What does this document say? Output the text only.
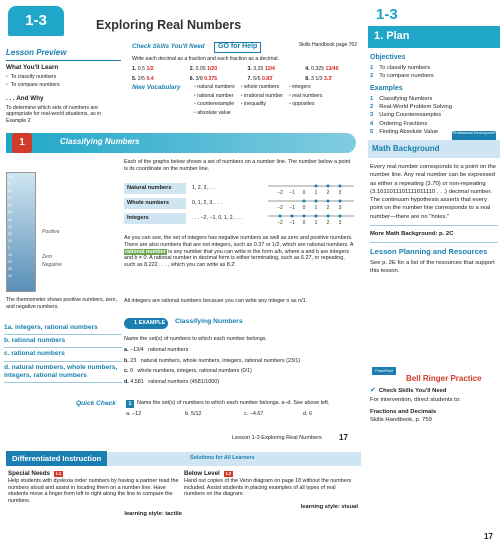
1-3	Exploring Real Numbers
Lesson Preview
What You'll Learn
• To classify numbers
• To compare numbers
. . . And Why
To determine which sets of numbers are appropriate for real-world situations, as in Example 2
Check Skills You'll Need GO for Help	Skills Handbook page 762
Write each decimal as a fraction and each fraction as a decimal.
1. 0.5 1/2	2. 0.05 1/20	3. 3.25 13/4	4. 0.325 13/40
5. 2/5 0.4	6. 3/8 0.375	7. 5/6 0.83̄	8. 3 1/3 3.3̄
New Vocabulary	• natural numbers	• whole numbers	• integers
• rational number	• irrational number	• real numbers
• counterexample	• inequality	• opposites
• absolute value
1	Classifying Numbers
100
90
80
70
60
50
40
30
20
10
0
10
20
30
40
Positive
Zero
Negative
The thermometer shows positive numbers, zero, and negative numbers.
1a. integers, rational numbers
b. rational numbers
c. rational numbers
d. natural numbers, whole numbers, integers, rational numbers
Each of the graphs below shows a set of numbers on a number line. The number below a point is its coordinate on the number line.
Natural numbers	1, 2, 3, . . .
−2 −1 0 1 2 3
Whole numbers	0, 1, 2, 3, . . .
−2 −1 0 1 2 3
Integers	. . . −2, −1, 0, 1, 2, . . .
−2 −1 0 1 2 3
As you can see, the set of integers has negative numbers as well as zero and positive numbers. There are also numbers that are not integers, such as 0.37 or 1/2, which are rational numbers. A rational number is any number that you can write in the form a/b, where a and b are integers and b ≠ 0. A rational number in decimal form is either terminating, such as 6.27, or repeating, such as 8.222 . . . , which you can write as 8.2̄.
All integers are rational numbers because you can write any integer n as n/1.
1 EXAMPLE	Classifying Numbers
Name the set(s) of numbers to which each number belongs.
a. −13/4 rational numbers
b. 23 natural numbers, whole numbers, integers, rational numbers (23/1)
c. 0 whole numbers, integers, rational numbers (0/1)
d. 4.581 rational numbers (4581/1000)
Quick Check	1	Name the set(s) of numbers to which each number belongs. a–d. See above left.
a. −12	b. 5/12	c. −4.67	d. 6
Lesson 1-3 Exploring Real Numbers 17
Differentiated Instruction	Solutions for All Learners
Special Needs	L1
Help students with dyslexia order numbers by having a partner read the numbers aloud and assist in locating them on a number line. Have students move a finger from left to right along the line to compare the numbers.
learning style: tactile
Below Level	L2
Hand out copies of the Venn diagram on page 18 without the numbers included. Assist students in placing examples of all types of real numbers on the diagram.
learning style: visual
1-3
1. Plan
Objectives
1 To classify numbers
2 To compare numbers
Examples
1 Classifying Numbers
2 Real-World Problem Solving
3 Using Counterexamples
4 Ordering Fractions
5 Finding Absolute Value	Professional Development
Math Background
Every real number corresponds to a point on the number line. Any real number can be expressed as either a repeating (3.7̄0) or non-repeating (3.1011011101111011110 . . .) decimal number. The continuum hypothesis asserts that every point on the number line corresponds to a real number—there are no "holes."
More Math Background: p. 2C
Lesson Planning and Resources
See p. 2E for a list of the resources that support this lesson.
PowerPoint
Bell Ringer Practice
✔ Check Skills You'll Need
For intervention, direct students to:
Fractions and Decimals
Skills Handbook, p. 759
17
